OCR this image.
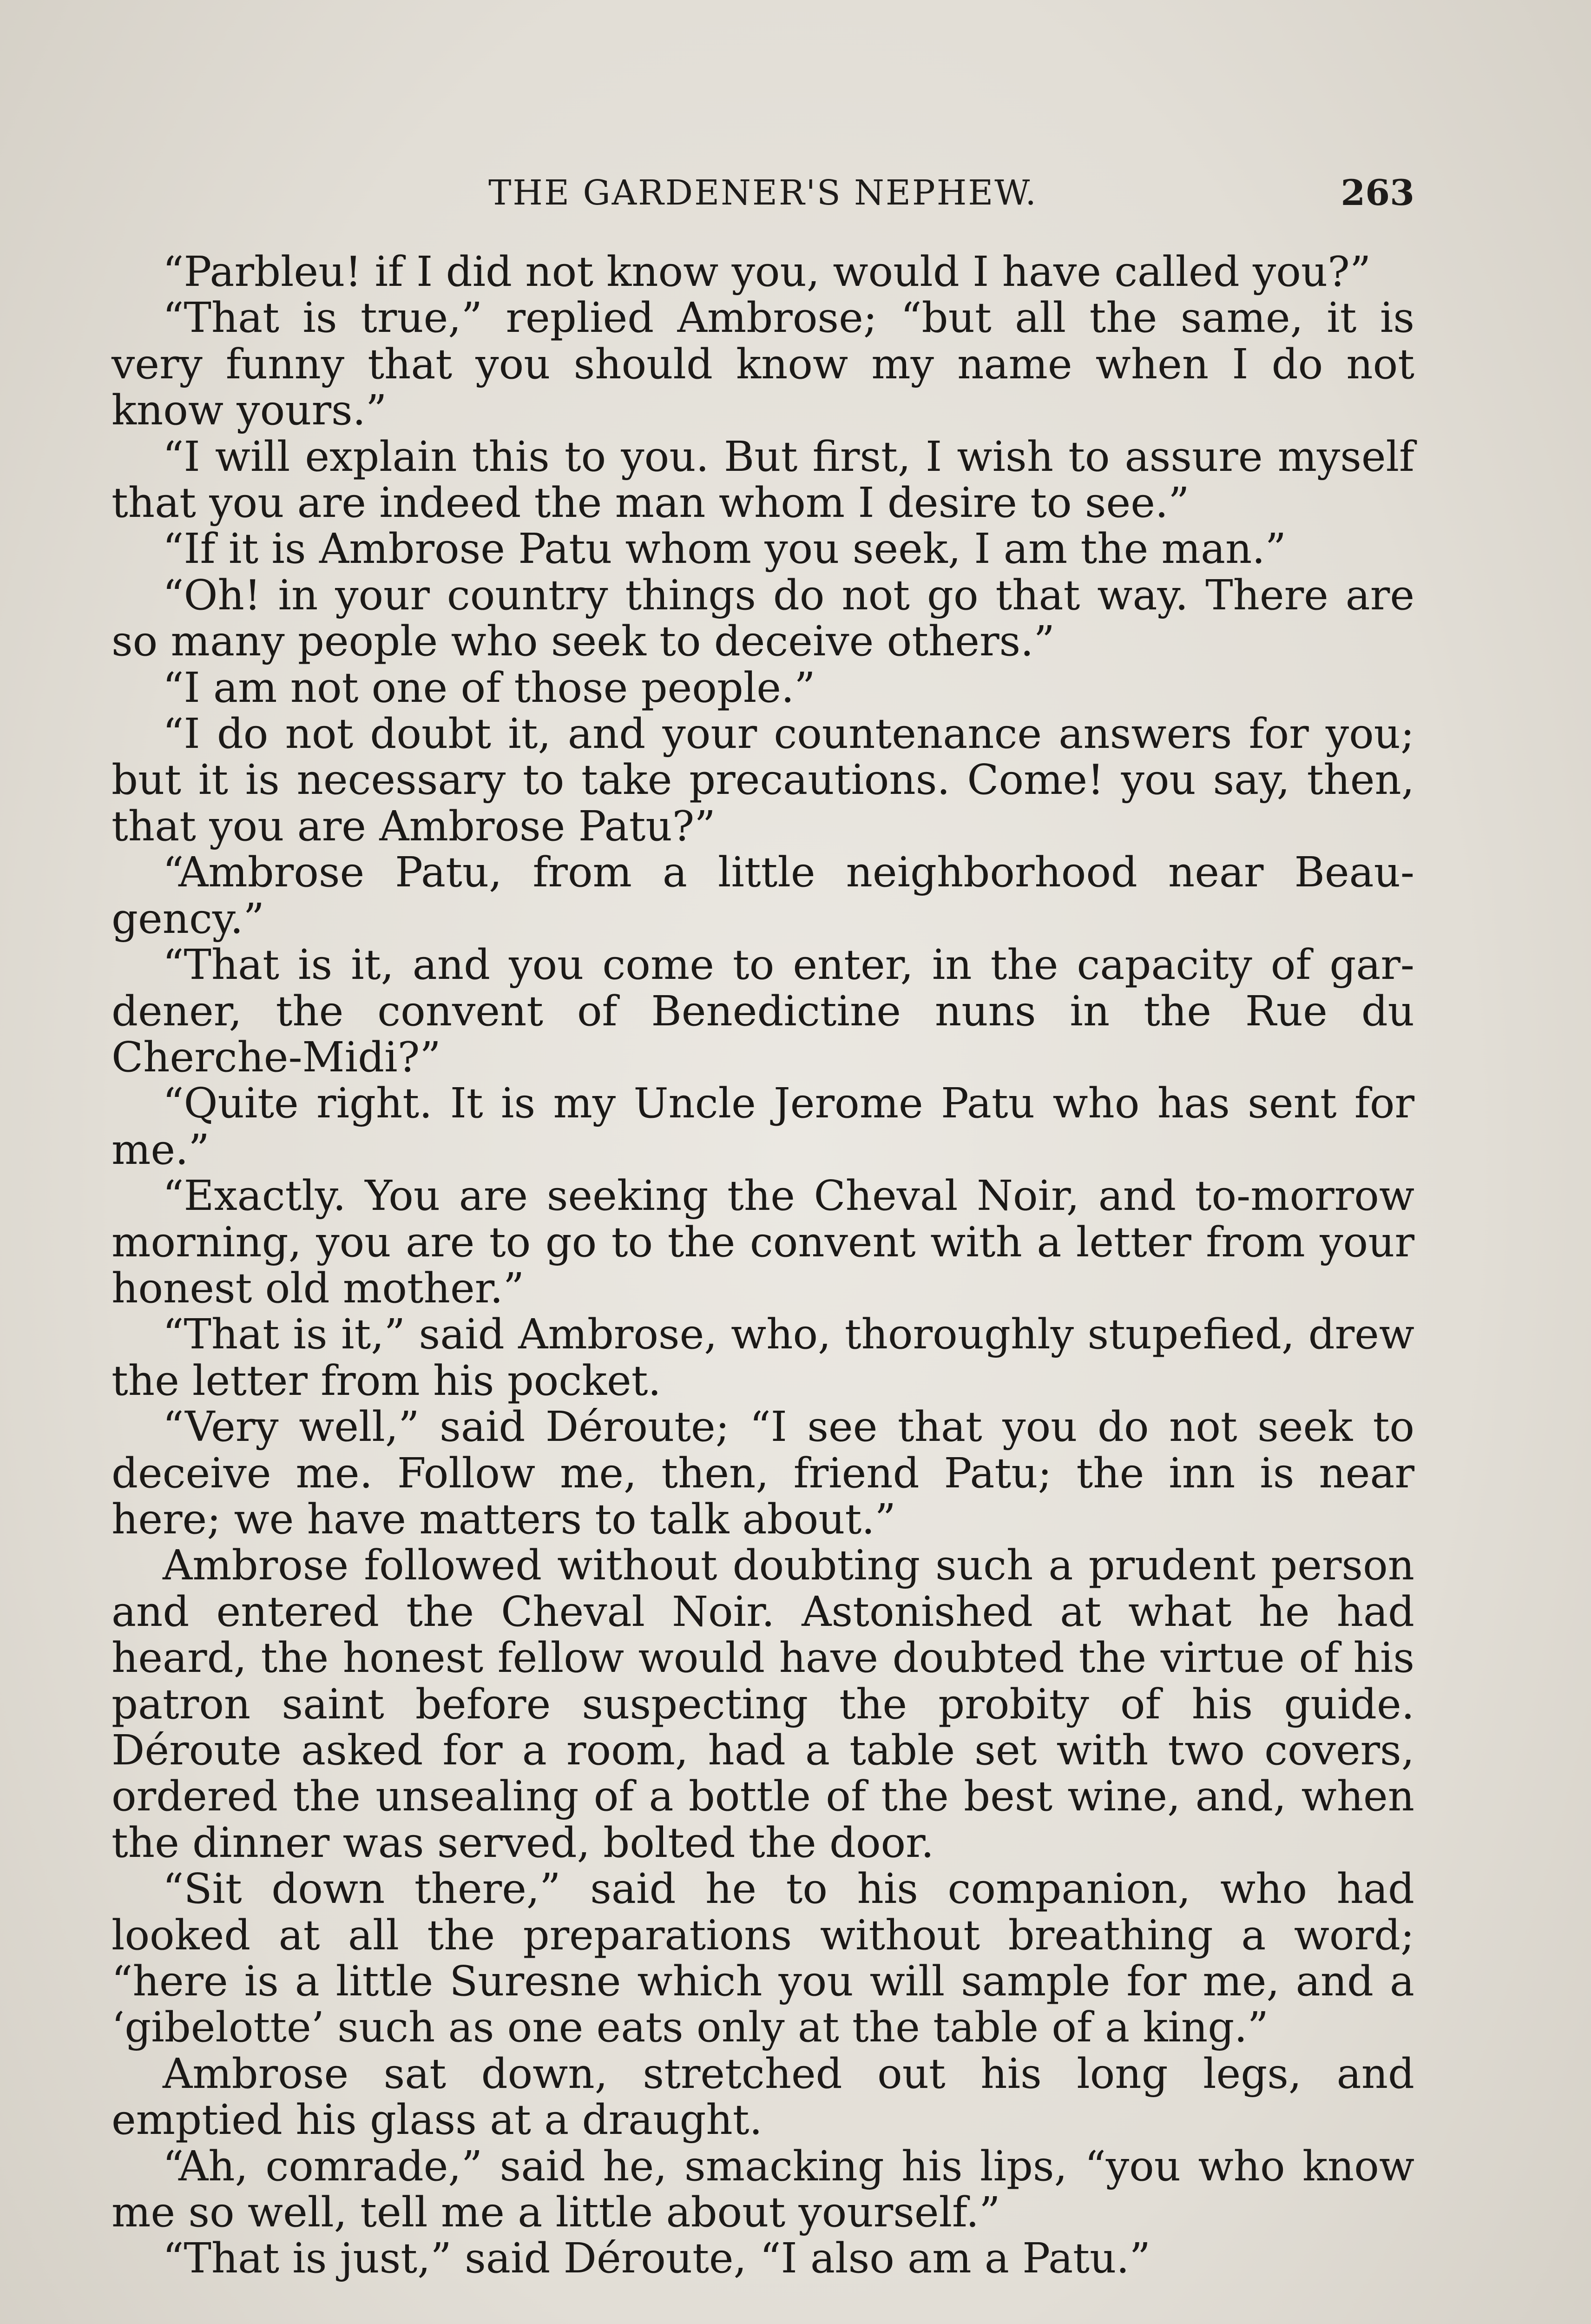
THE GARDENER'S NEPHEW.	263

“Parbleu! if I did not know you, would I have called you?”

“That is true,” replied Ambrose; “but all the same, it is very funny that you should know my name when I do not know yours.”

“I will explain this to you. But first, I wish to assure myself that you are indeed the man whom I desire to see.”

“If it is Ambrose Patu whom you seek, I am the man.”

“Oh! in your country things do not go that way. There are so many people who seek to deceive others.”

“I am not one of those people.”

“I do not doubt it, and your countenance answers for you; but it is necessary to take precautions. Come! you say, then, that you are Ambrose Patu?”

“Ambrose Patu, from a little neighborhood near Beau-gency.”

“That is it, and you come to enter, in the capacity of gar-dener, the convent of Benedictine nuns in the Rue du Cherche-Midi?”

“Quite right. It is my Uncle Jerome Patu who has sent for me.”

“Exactly. You are seeking the Cheval Noir, and to-morrow morning, you are to go to the convent with a letter from your honest old mother.”

“That is it,” said Ambrose, who, thoroughly stupefied, drew the letter from his pocket.

“Very well,” said Déroute; “I see that you do not seek to deceive me. Follow me, then, friend Patu; the inn is near here; we have matters to talk about.”

Ambrose followed without doubting such a prudent person and entered the Cheval Noir. Astonished at what he had heard, the honest fellow would have doubted the virtue of his patron saint before suspecting the probity of his guide. Déroute asked for a room, had a table set with two covers, ordered the unsealing of a bottle of the best wine, and, when the dinner was served, bolted the door.

“Sit down there,” said he to his companion, who had looked at all the preparations without breathing a word; “here is a little Suresne which you will sample for me, and a ‘gibelotte’ such as one eats only at the table of a king.”

Ambrose sat down, stretched out his long legs, and emptied his glass at a draught.

“Ah, comrade,” said he, smacking his lips, “you who know me so well, tell me a little about yourself.”

“That is just,” said Déroute, “I also am a Patu.”
